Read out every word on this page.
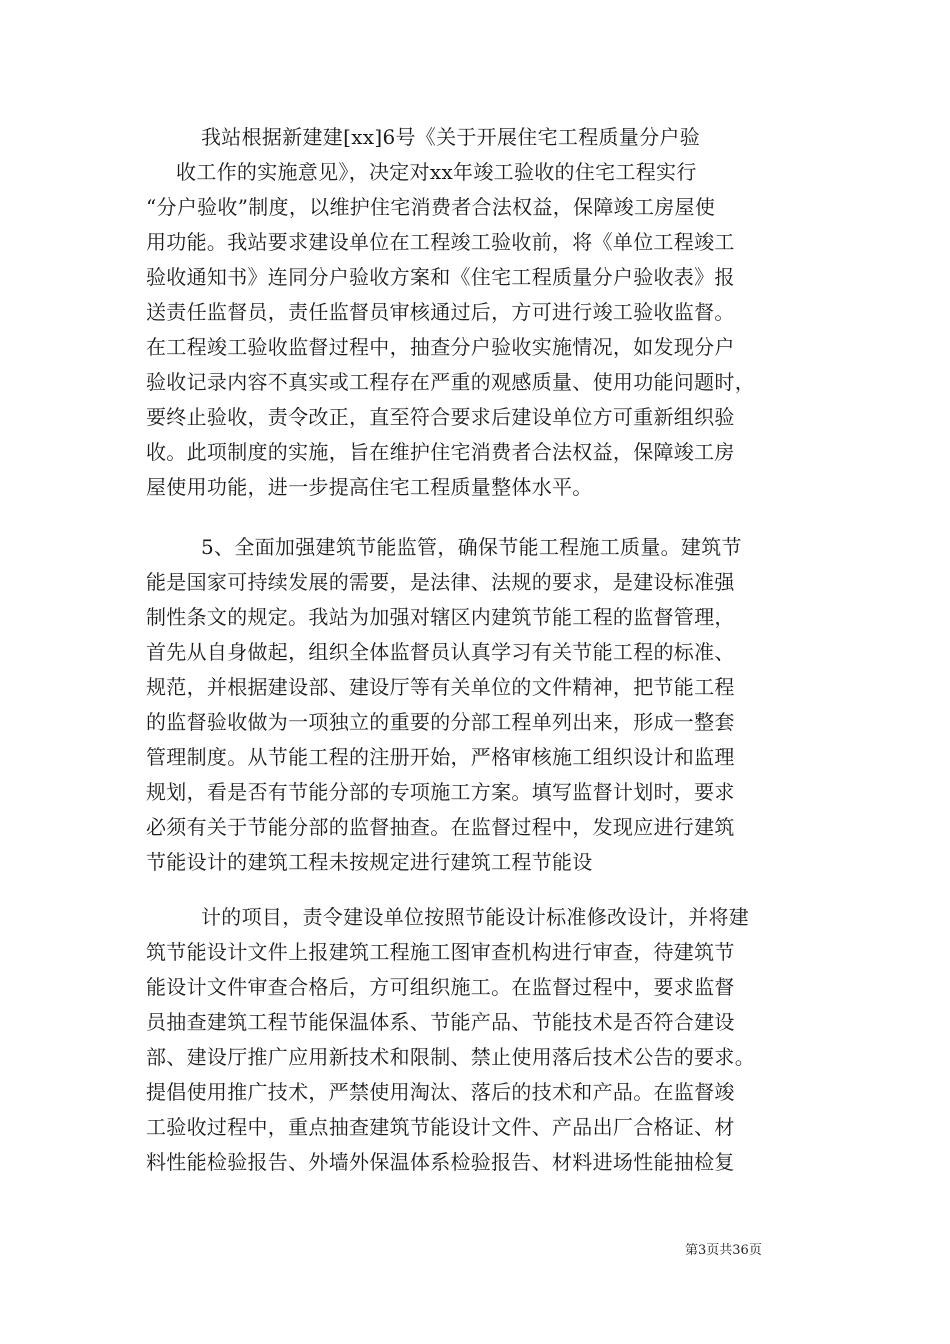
我站根据新建建[xx]6号《关于开展住宅工程质量分户验
收工作的实施意见》，决定对xx年竣工验收的住宅工程实行
“分户验收”制度，以维护住宅消费者合法权益，保障竣工房屋使
用功能。我站要求建设单位在工程竣工验收前，将《单位工程竣工
验收通知书》连同分户验收方案和《住宅工程质量分户验收表》报
送责任监督员，责任监督员审核通过后，方可进行竣工验收监督。
在工程竣工验收监督过程中，抽查分户验收实施情况，如发现分户
验收记录内容不真实或工程存在严重的观感质量、使用功能问题时，
要终止验收，责令改正，直至符合要求后建设单位方可重新组织验
收。此项制度的实施，旨在维护住宅消费者合法权益，保障竣工房
屋使用功能，进一步提高住宅工程质量整体水平。
5、全面加强建筑节能监管，确保节能工程施工质量。建筑节
能是国家可持续发展的需要，是法律、法规的要求，是建设标准强
制性条文的规定。我站为加强对辖区内建筑节能工程的监督管理，
首先从自身做起，组织全体监督员认真学习有关节能工程的标准、
规范，并根据建设部、建设厅等有关单位的文件精神，把节能工程
的监督验收做为一项独立的重要的分部工程单列出来，形成一整套
管理制度。从节能工程的注册开始，严格审核施工组织设计和监理
规划，看是否有节能分部的专项施工方案。填写监督计划时，要求
必须有关于节能分部的监督抽查。在监督过程中，发现应进行建筑
节能设计的建筑工程未按规定进行建筑工程节能设
计的项目，责令建设单位按照节能设计标准修改设计，并将建
筑节能设计文件上报建筑工程施工图审查机构进行审查，待建筑节
能设计文件审查合格后，方可组织施工。在监督过程中，要求监督
员抽查建筑工程节能保温体系、节能产品、节能技术是否符合建设
部、建设厅推广应用新技术和限制、禁止使用落后技术公告的要求。
提倡使用推广技术，严禁使用淘汰、落后的技术和产品。在监督竣
工验收过程中，重点抽查建筑节能设计文件、产品出厂合格证、材
料性能检验报告、外墙外保温体系检验报告、材料进场性能抽检复
第3页共36页
